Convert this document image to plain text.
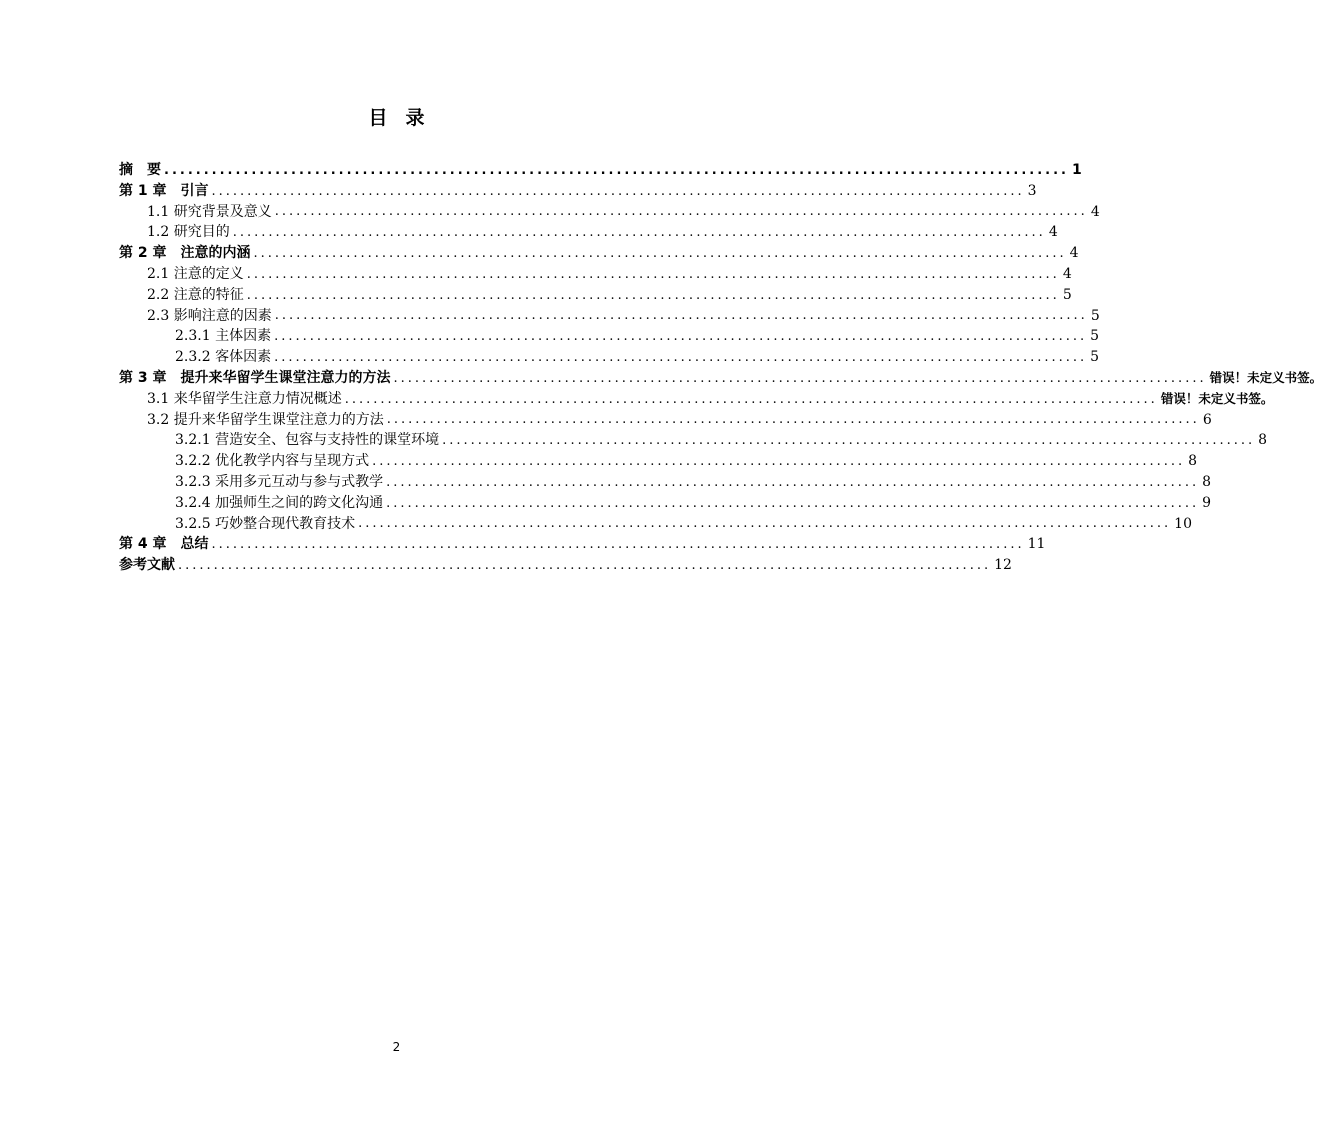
目 录
摘　要 .................................................................................................................. 1
第 1 章　引言 .................................................................................................................. 3
1.1 研究背景及意义 .................................................................................................................. 4
1.2 研究目的 .................................................................................................................. 4
第 2 章　注意的内涵 .................................................................................................................. 4
2.1 注意的定义 .................................................................................................................. 4
2.2 注意的特征 .................................................................................................................. 5
2.3 影响注意的因素 .................................................................................................................. 5
2.3.1 主体因素 .................................................................................................................. 5
2.3.2 客体因素 .................................................................................................................. 5
第 3 章　提升来华留学生课堂注意力的方法 .................................................................................................................. 错误！未定义书签。
3.1 来华留学生注意力情况概述 .................................................................................................................. 错误！未定义书签。
3.2 提升来华留学生课堂注意力的方法 .................................................................................................................. 6
3.2.1 营造安全、包容与支持性的课堂环境 .................................................................................................................. 8
3.2.2 优化教学内容与呈现方式 .................................................................................................................. 8
3.2.3 采用多元互动与参与式教学 .................................................................................................................. 8
3.2.4 加强师生之间的跨文化沟通 .................................................................................................................. 9
3.2.5 巧妙整合现代教育技术 .................................................................................................................. 10
第 4 章　总结 .................................................................................................................. 11
参考文献 .................................................................................................................. 12
2
